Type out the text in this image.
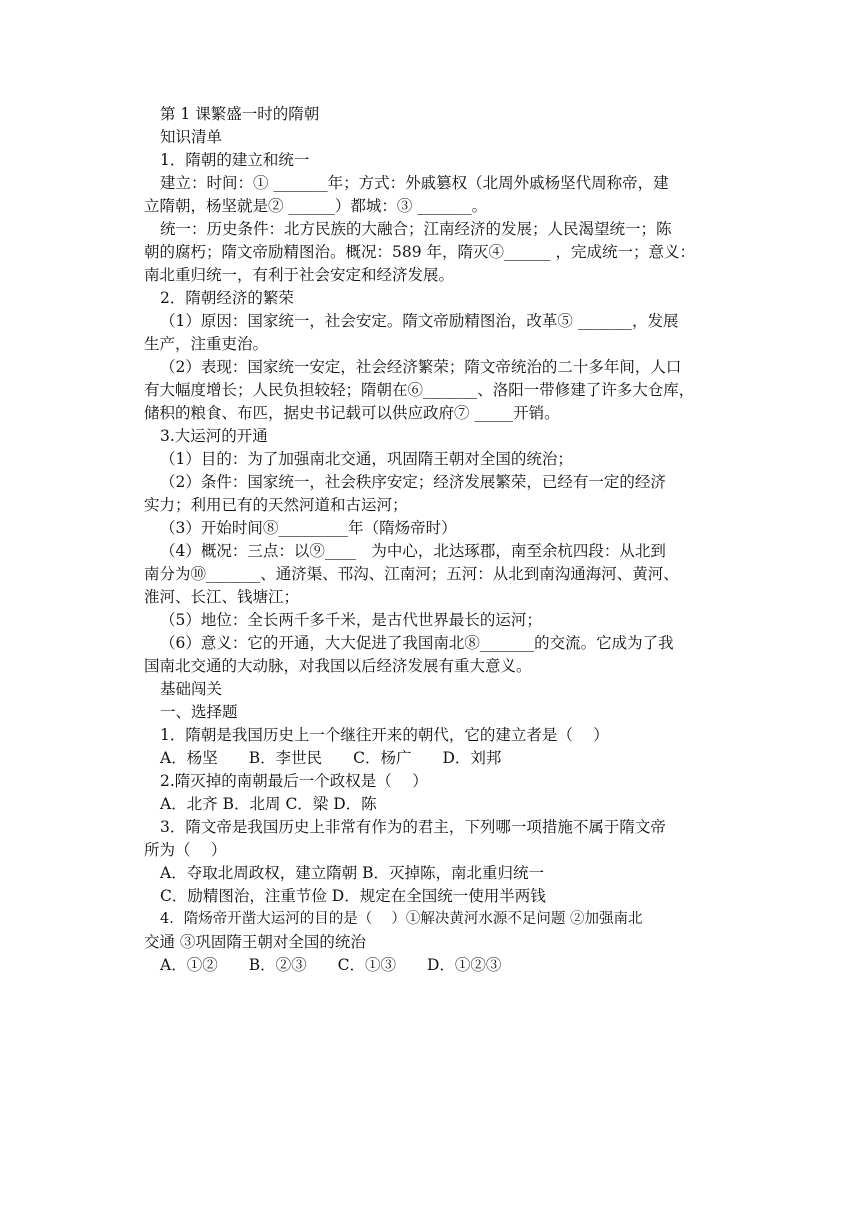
第 1 课繁盛一时的隋朝
知识清单
1．隋朝的建立和统一
建立：时间：① _______年；方式：外戚篡权（北周外戚杨坚代周称帝，建
立隋朝，杨坚就是② ______）都城：③ _______。
统一：历史条件：北方民族的大融合；江南经济的发展；人民渴望统一；陈
朝的腐朽；隋文帝励精图治。概况：589 年，隋灭④______ ，完成统一；意义：
南北重归统一，有利于社会安定和经济发展。
2．隋朝经济的繁荣
（1）原因：国家统一，社会安定。隋文帝励精图治，改革⑤ _______，发展
生产，注重吏治。
（2）表现：国家统一安定，社会经济繁荣；隋文帝统治的二十多年间，人口
有大幅度增长；人民负担较轻；隋朝在⑥_______、洛阳一带修建了许多大仓库，
储积的粮食、布匹，据史书记载可以供应政府⑦ _____开销。
3.大运河的开通
（1）目的：为了加强南北交通，巩固隋王朝对全国的统治；
（2）条件：国家统一，社会秩序安定；经济发展繁荣，已经有一定的经济
实力；利用已有的天然河道和古运河；
（3）开始时间⑧_________年（隋炀帝时）
（4）概况：三点：以⑨____　为中心，北达琢郡，南至余杭四段：从北到
南分为⑩_______、通济渠、邗沟、江南河；五河：从北到南沟通海河、黄河、
淮河、长江、钱塘江；
（5）地位：全长两千多千米，是古代世界最长的运河；
（6）意义：它的开通，大大促进了我国南北⑧_______的交流。它成为了我
国南北交通的大动脉，对我国以后经济发展有重大意义。
基础闯关
一、选择题
1．隋朝是我国历史上一个继往开来的朝代，它的建立者是（　 ）
A．杨坚　　B．李世民　　C．杨广　　D．刘邦
2.隋灭掉的南朝最后一个政权是（　 ）
A．北齐 B．北周 C．梁 D．陈
3．隋文帝是我国历史上非常有作为的君主，下列哪一项措施不属于隋文帝
所为（　 ）
A．夺取北周政权，建立隋朝 B．灭掉陈，南北重归统一
C．励精图治，注重节俭 D．规定在全国统一使用半两钱
4．隋炀帝开凿大运河的目的是（　 ）①解决黄河水源不足问题 ②加强南北
交通 ③巩固隋王朝对全国的统治
A．①②　　B．②③　　C．①③　　D．①②③
